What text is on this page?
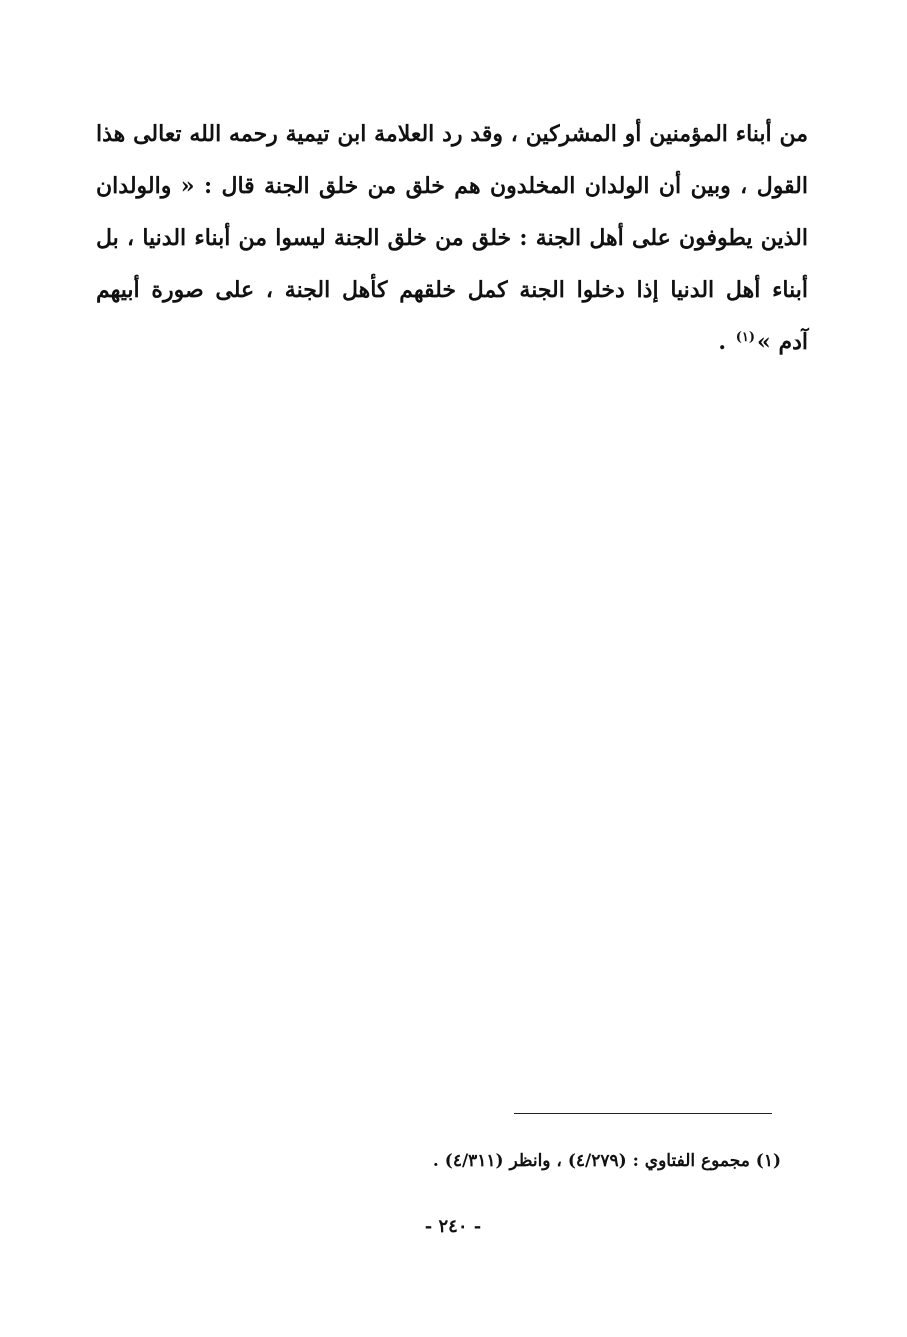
من أبناء المؤمنين أو المشركين ، وقد رد العلامة ابن تيمية رحمه الله تعالى هذا
القول ، وبين أن الولدان المخلدون هم خلق من خلق الجنة قال : « والولدان
الذين يطوفون على أهل الجنة : خلق من خلق الجنة ليسوا من أبناء الدنيا ، بل
أبناء أهل الدنيا إذا دخلوا الجنة كمل خلقهم كأهل الجنة ، على صورة أبيهم
آدم »$^{(١)}$ .
(١) مجموع الفتاوي : (٤/٢٧٩) ، وانظر (٤/٣١١) .
- ٢٤٠ -
